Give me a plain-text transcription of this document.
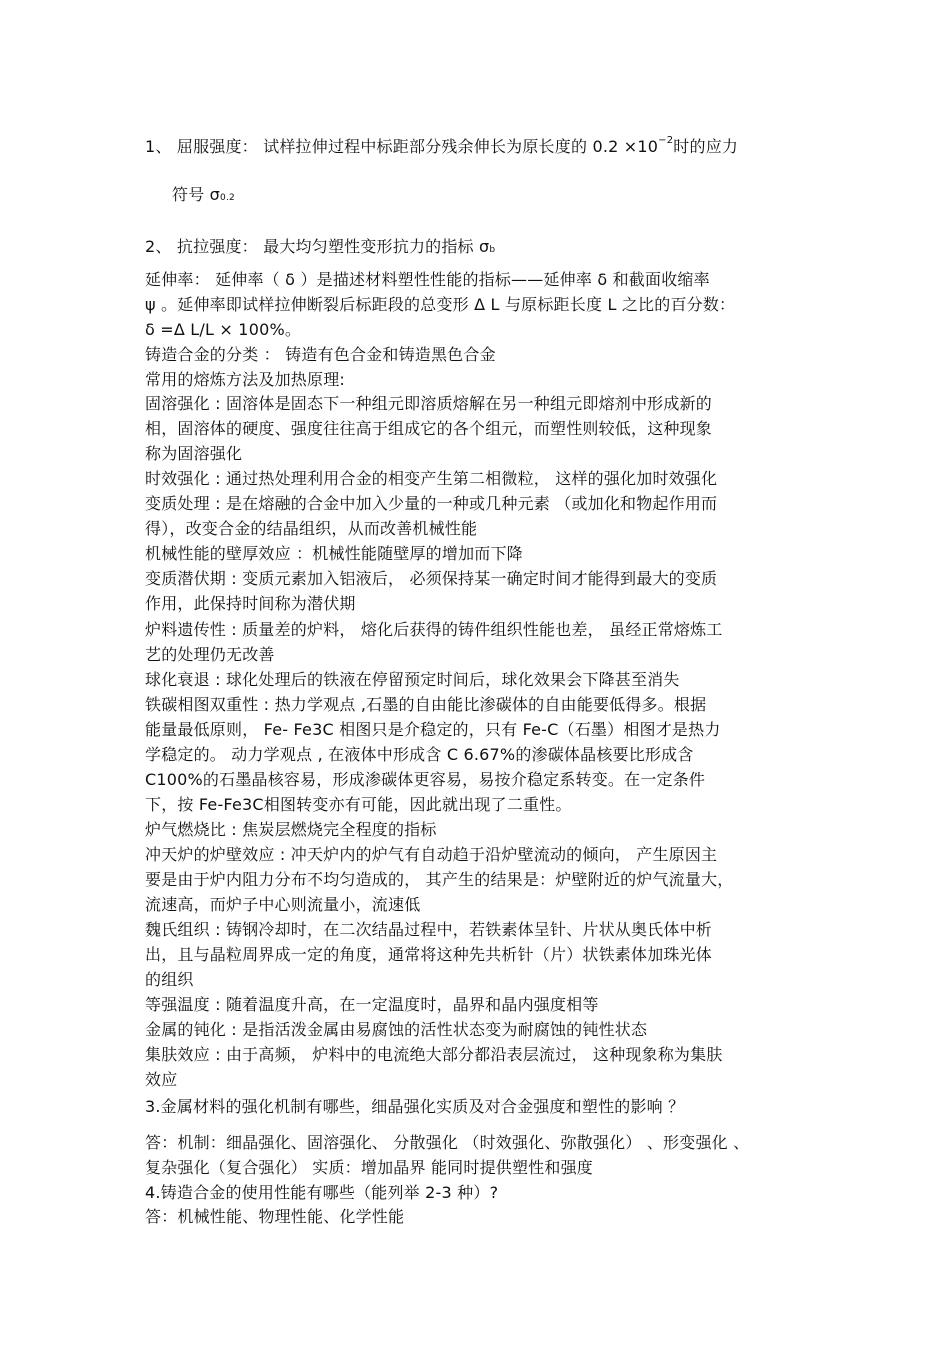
1、 屈服强度： 试样拉伸过程中标距部分残余伸长为原长度的 $0.2 \times 10^{-2}$时的应力
符号 σ0.2
2、 抗拉强度： 最大均匀塑性变形抗力的指标 σb
延伸率： 延伸率（ δ ）是描述材料塑性性能的指标——延伸率 δ 和截面收缩率
ψ 。延伸率即试样拉伸断裂后标距段的总变形 Δ L 与原标距长度 L 之比的百分数：
δ =Δ L/L × 100%。
铸造合金的分类 ： 铸造有色合金和铸造黑色合金
常用的熔炼方法及加热原理:
固溶强化 : 固溶体是固态下一种组元即溶质熔解在另一种组元即熔剂中形成新的
相，固溶体的硬度、强度往往高于组成它的各个组元，而塑性则较低，这种现象
称为固溶强化
时效强化 : 通过热处理利用合金的相变产生第二相微粒， 这样的强化加时效强化
变质处理 : 是在熔融的合金中加入少量的一种或几种元素 （或加化和物起作用而
得），改变合金的结晶组织，从而改善机械性能
机械性能的壁厚效应 ：机械性能随壁厚的增加而下降
变质潜伏期 : 变质元素加入铝液后， 必须保持某一确定时间才能得到最大的变质
作用，此保持时间称为潜伏期
炉料遗传性 : 质量差的炉料， 熔化后获得的铸件组织性能也差， 虽经正常熔炼工
艺的处理仍无改善
球化衰退 : 球化处理后的铁液在停留预定时间后，球化效果会下降甚至消失
铁碳相图双重性 : 热力学观点 ,石墨的自由能比渗碳体的自由能要低得多。根据
能量最低原则， Fe- Fe3C 相图只是介稳定的，只有 Fe-C（石墨）相图才是热力
学稳定的。 动力学观点 , 在液体中形成含 C 6.67%的渗碳体晶核要比形成含
C100%的石墨晶核容易，形成渗碳体更容易，易按介稳定系转变。在一定条件
下，按 Fe-Fe3C相图转变亦有可能，因此就出现了二重性。
炉气燃烧比 : 焦炭层燃烧完全程度的指标
冲天炉的炉壁效应 : 冲天炉内的炉气有自动趋于沿炉壁流动的倾向， 产生原因主
要是由于炉内阻力分布不均匀造成的， 其产生的结果是：炉壁附近的炉气流量大，
流速高，而炉子中心则流量小，流速低
魏氏组织 : 铸钢冷却时，在二次结晶过程中，若铁素体呈针、片状从奥氏体中析
出，且与晶粒周界成一定的角度，通常将这种先共析针（片）状铁素体加珠光体
的组织
等强温度 : 随着温度升高，在一定温度时，晶界和晶内强度相等
金属的钝化 : 是指活泼金属由易腐蚀的活性状态变为耐腐蚀的钝性状态
集肤效应 : 由于高频， 炉料中的电流绝大部分都沿表层流过， 这种现象称为集肤
效应
3.金属材料的强化机制有哪些，细晶强化实质及对合金强度和塑性的影响 ？
答：机制：细晶强化、固溶强化、 分散强化 （时效强化、弥散强化） 、形变强化 、
复杂强化（复合强化） 实质：增加晶界 能同时提供塑性和强度
4.铸造合金的使用性能有哪些（能列举 2-3 种）?
答：机械性能、物理性能、化学性能
